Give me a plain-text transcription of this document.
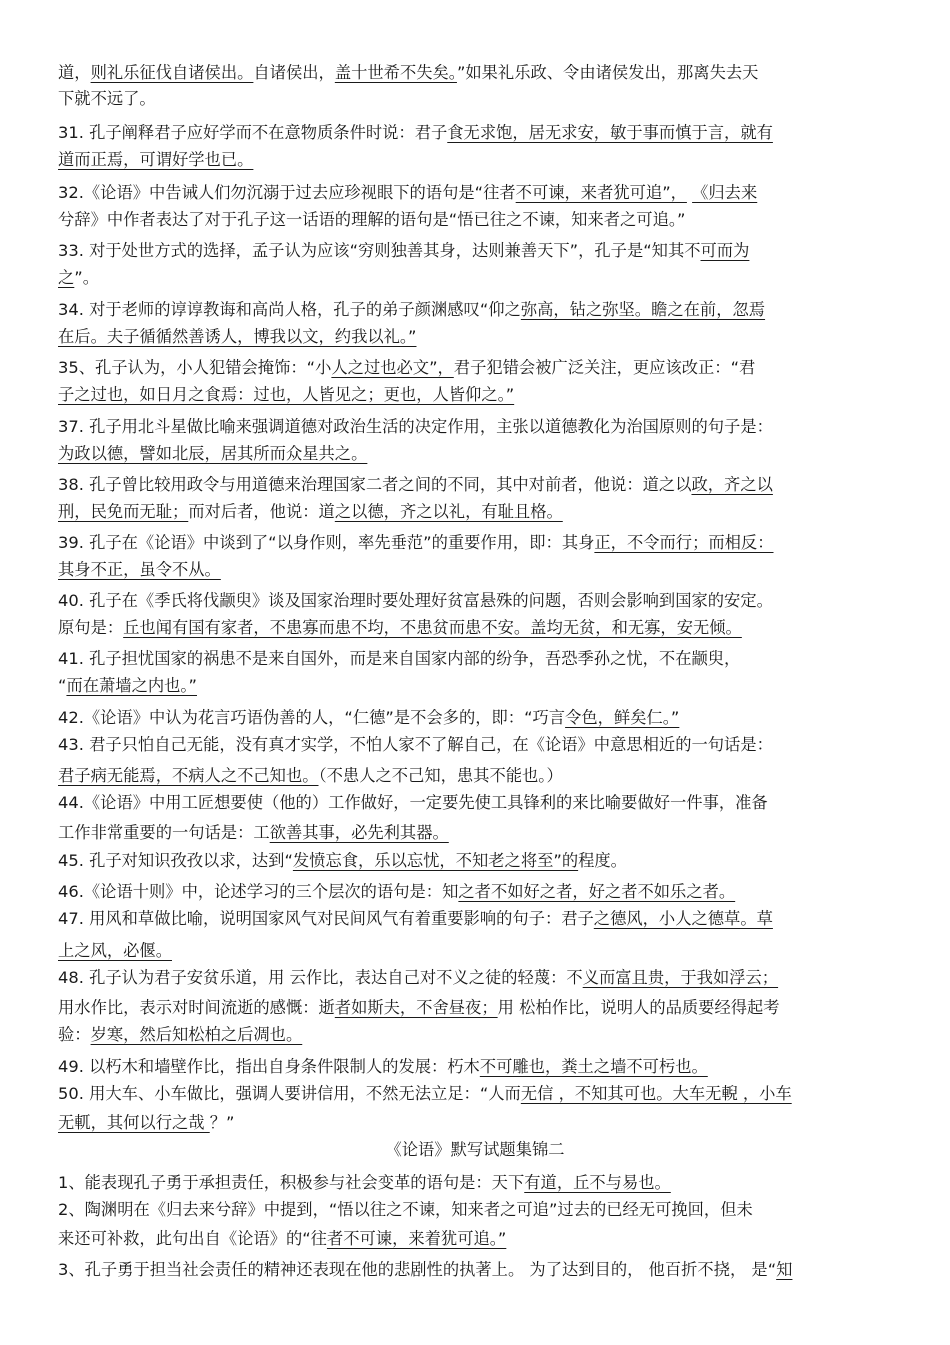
道，则礼乐征伐自诸侯出。自诸侯出，盖十世希不失矣。”如果礼乐政、令由诸侯发出，那离失去天
下就不远了。
31. 孔子阐释君子应好学而不在意物质条件时说：君子食无求饱，居无求安，敏于事而慎于言，就有
道而正焉，可谓好学也已。
32.《论语》中告诫人们勿沉溺于过去应珍视眼下的语句是“往者不可谏，来者犹可追”， 《归去来
兮辞》中作者表达了对于孔子这一话语的理解的语句是“悟已往之不谏，知来者之可追。”
33. 对于处世方式的选择，孟子认为应该“穷则独善其身，达则兼善天下”，孔子是“知其不可而为
之”。
34. 对于老师的谆谆教诲和高尚人格，孔子的弟子颜渊感叹“仰之弥高，钻之弥坚。瞻之在前，忽焉
在后。夫子循循然善诱人，博我以文，约我以礼。”
35、孔子认为，小人犯错会掩饰：“小人之过也必文”，君子犯错会被广泛关注，更应该改正：“君
子之过也，如日月之食焉：过也，人皆见之；更也，人皆仰之。”
37. 孔子用北斗星做比喻来强调道德对政治生活的决定作用，主张以道德教化为治国原则的句子是：
为政以德，譬如北辰，居其所而众星共之。
38. 孔子曾比较用政令与用道德来治理国家二者之间的不同，其中对前者，他说：道之以政，齐之以
刑，民免而无耻；而对后者，他说：道之以德，齐之以礼，有耻且格。
39. 孔子在《论语》中谈到了“以身作则，率先垂范”的重要作用，即：其身正，不令而行；而相反：
其身不正，虽令不从。
40. 孔子在《季氏将伐颛臾》谈及国家治理时要处理好贫富悬殊的问题，否则会影响到国家的安定。
原句是：丘也闻有国有家者，不患寡而患不均，不患贫而患不安。盖均无贫，和无寡，安无倾。
41. 孔子担忧国家的祸患不是来自国外，而是来自国家内部的纷争，吾恐季孙之忧，不在颛臾，
“而在萧墙之内也。”
42.《论语》中认为花言巧语伪善的人，“仁德”是不会多的，即：“巧言令色，鲜矣仁。”
43. 君子只怕自己无能，没有真才实学，不怕人家不了解自己，在《论语》中意思相近的一句话是：
君子病无能焉，不病人之不己知也。（不患人之不己知，患其不能也。）
44.《论语》中用工匠想要使（他的）工作做好，一定要先使工具锋利的来比喻要做好一件事，准备
工作非常重要的一句话是：工欲善其事，必先利其器。
45. 孔子对知识孜孜以求，达到“发愤忘食，乐以忘忧，不知老之将至”的程度。
46.《论语十则》中，论述学习的三个层次的语句是：知之者不如好之者，好之者不如乐之者。
47. 用风和草做比喻，说明国家风气对民间风气有着重要影响的句子：君子之德风，小人之德草。草
上之风，必偃。
48. 孔子认为君子安贫乐道，用 云作比，表达自己对不义之徒的轻蔑：不义而富且贵，于我如浮云；
用水作比，表示对时间流逝的感慨：逝者如斯夫，不舍昼夜；用 松柏作比，说明人的品质要经得起考
验：岁寒，然后知松柏之后凋也。
49. 以朽木和墙壁作比，指出自身条件限制人的发展：朽木不可雕也，粪土之墙不可杇也。
50. 用大车、小车做比，强调人要讲信用，不然无法立足：“人而无信 ，不知其可也。大车无輗 ，小车
无軏，其何以行之哉 ？”
《论语》默写试题集锦二
1、能表现孔子勇于承担责任，积极参与社会变革的语句是：天下有道，丘不与易也。
2、陶渊明在《归去来兮辞》中提到，“悟以往之不谏，知来者之可追”过去的已经无可挽回，但未
来还可补救，此句出自《论语》的“往者不可谏，来着犹可追。”
3、孔子勇于担当社会责任的精神还表现在他的悲剧性的执著上。 为了达到目的， 他百折不挠， 是“知
